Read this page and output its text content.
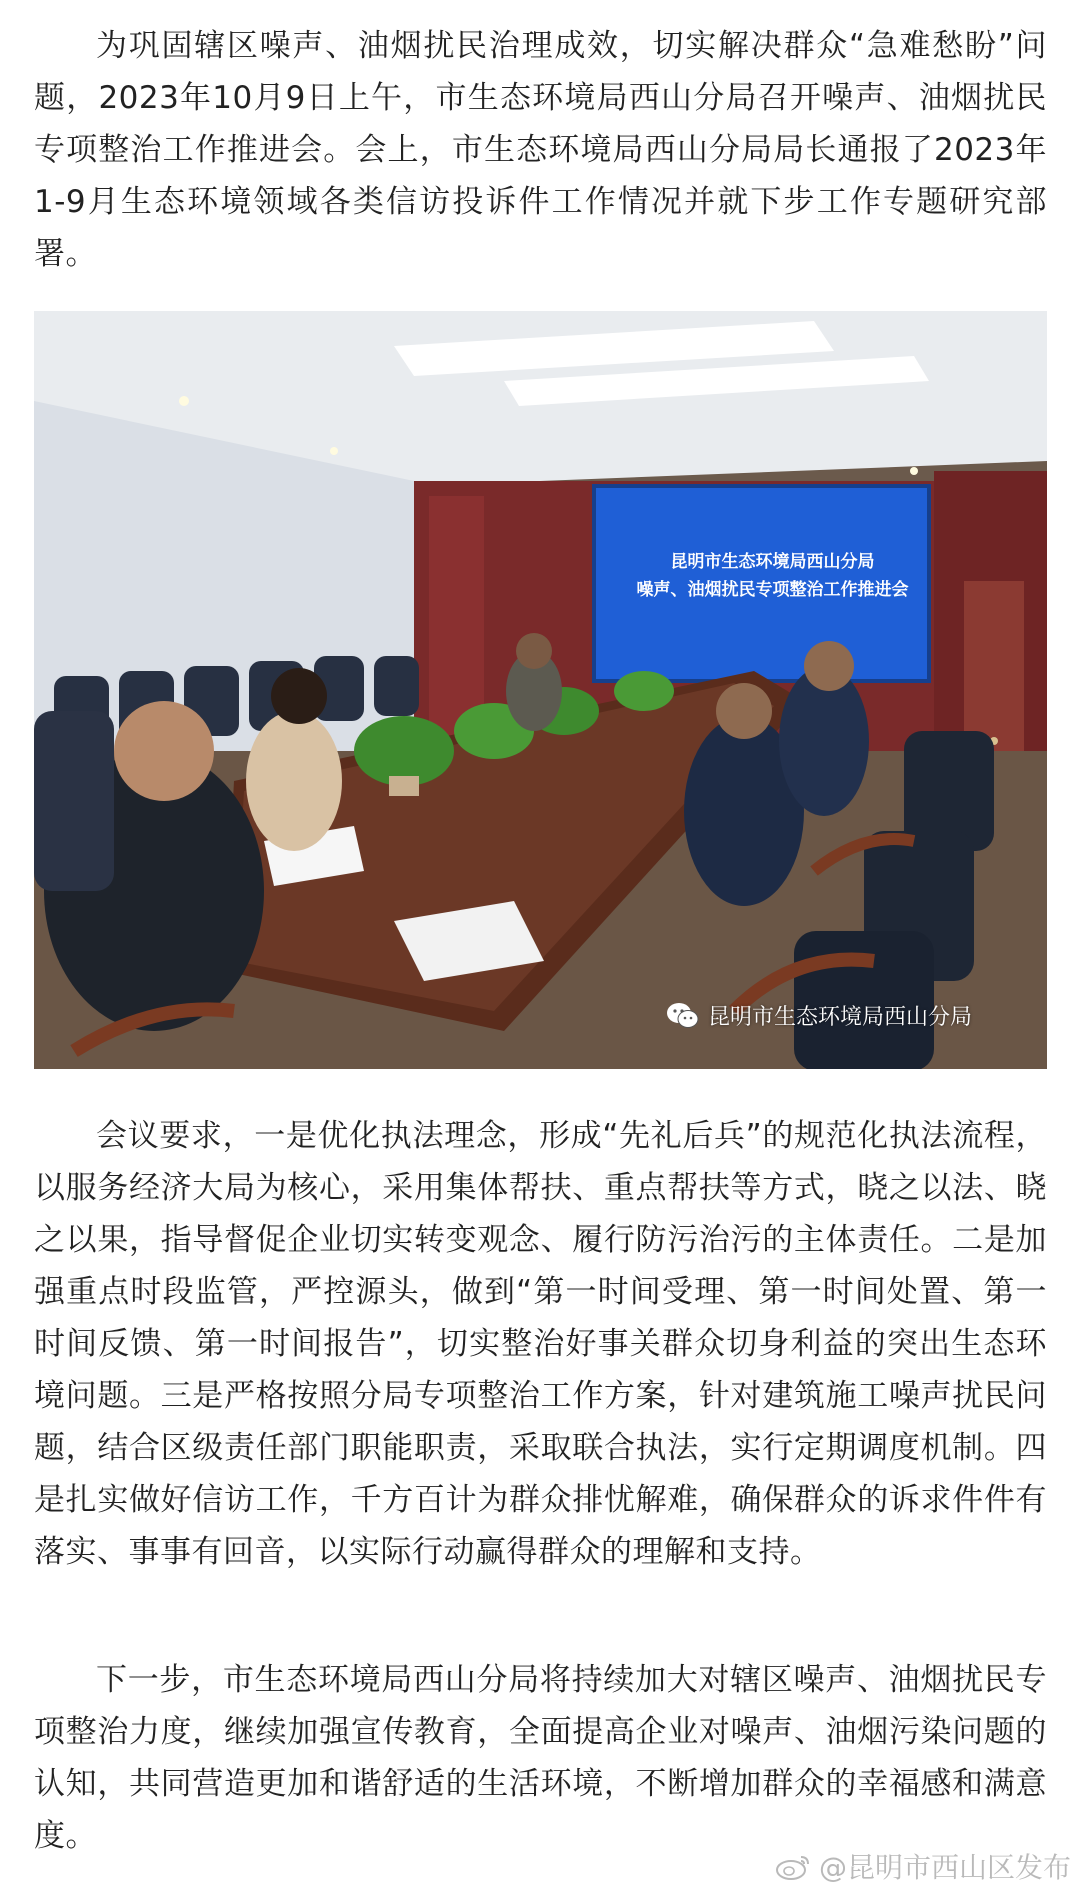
为巩固辖区噪声、油烟扰民治理成效，切实解决群众“急难愁盼”问题，2023年10月9日上午，市生态环境局西山分局召开噪声、油烟扰民专项整治工作推进会。会上，市生态环境局西山分局局长通报了2023年1-9月生态环境领域各类信访投诉件工作情况并就下步工作专题研究部署。

会议要求，一是优化执法理念，形成“先礼后兵”的规范化执法流程，以服务经济大局为核心，采用集体帮扶、重点帮扶等方式，晓之以法、晓之以果，指导督促企业切实转变观念、履行防污治污的主体责任。二是加强重点时段监管，严控源头，做到“第一时间受理、第一时间处置、第一时间反馈、第一时间报告”，切实整治好事关群众切身利益的突出生态环境问题。三是严格按照分局专项整治工作方案，针对建筑施工噪声扰民问题，结合区级责任部门职能职责，采取联合执法，实行定期调度机制。四是扎实做好信访工作，千方百计为群众排忧解难，确保群众的诉求件件有落实、事事有回音，以实际行动赢得群众的理解和支持。

下一步，市生态环境局西山分局将持续加大对辖区噪声、油烟扰民专项整治力度，继续加强宣传教育，全面提高企业对噪声、油烟污染问题的认知，共同营造更加和谐舒适的生活环境，不断增加群众的幸福感和满意度。

昆明市生态环境局西山分局
噪声、油烟扰民专项整治工作推进会
昆明市生态环境局西山分局
@昆明市西山区发布
